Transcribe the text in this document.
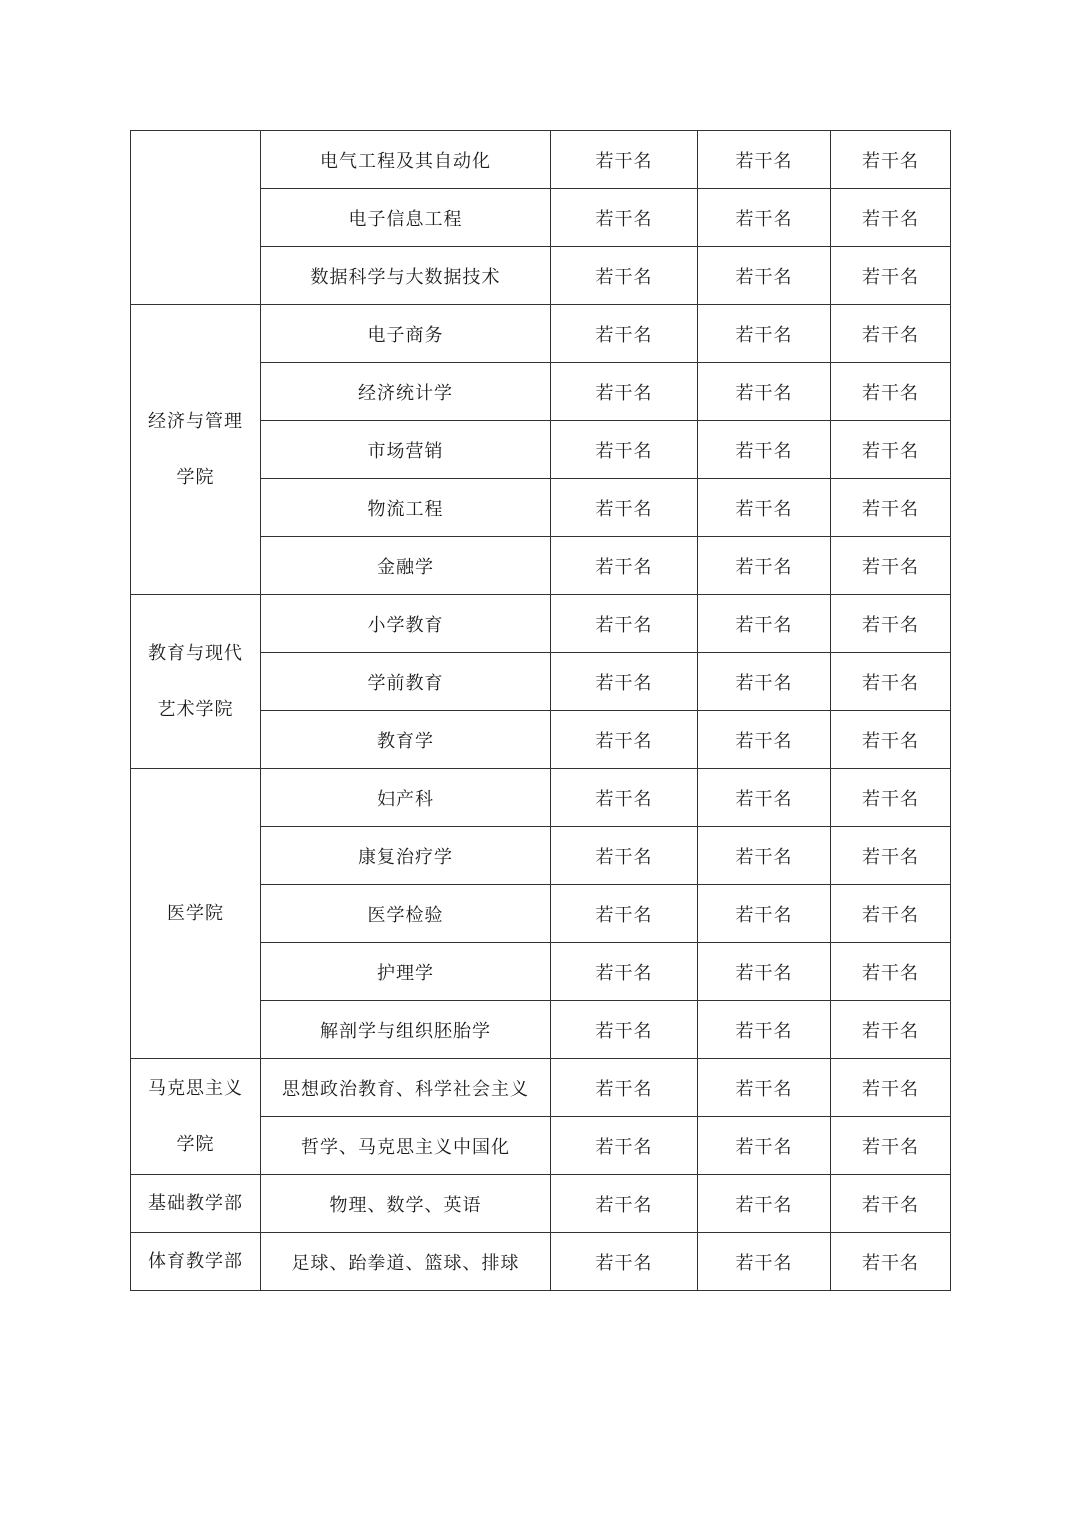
	电气工程及其自动化	若干名	若干名	若干名
	电子信息工程	若干名	若干名	若干名
	数据科学与大数据技术	若干名	若干名	若干名

经济与管理
学院	电子商务	若干名	若干名	若干名
	经济统计学	若干名	若干名	若干名
	市场营销	若干名	若干名	若干名
	物流工程	若干名	若干名	若干名
	金融学	若干名	若干名	若干名

教育与现代
艺术学院	小学教育	若干名	若干名	若干名
	学前教育	若干名	若干名	若干名
	教育学	若干名	若干名	若干名

医学院	妇产科	若干名	若干名	若干名
	康复治疗学	若干名	若干名	若干名
	医学检验	若干名	若干名	若干名
	护理学	若干名	若干名	若干名
	解剖学与组织胚胎学	若干名	若干名	若干名

马克思主义
学院	思想政治教育、科学社会主义	若干名	若干名	若干名
	哲学、马克思主义中国化	若干名	若干名	若干名

基础教学部	物理、数学、英语	若干名	若干名	若干名

体育教学部	足球、跆拳道、篮球、排球	若干名	若干名	若干名
